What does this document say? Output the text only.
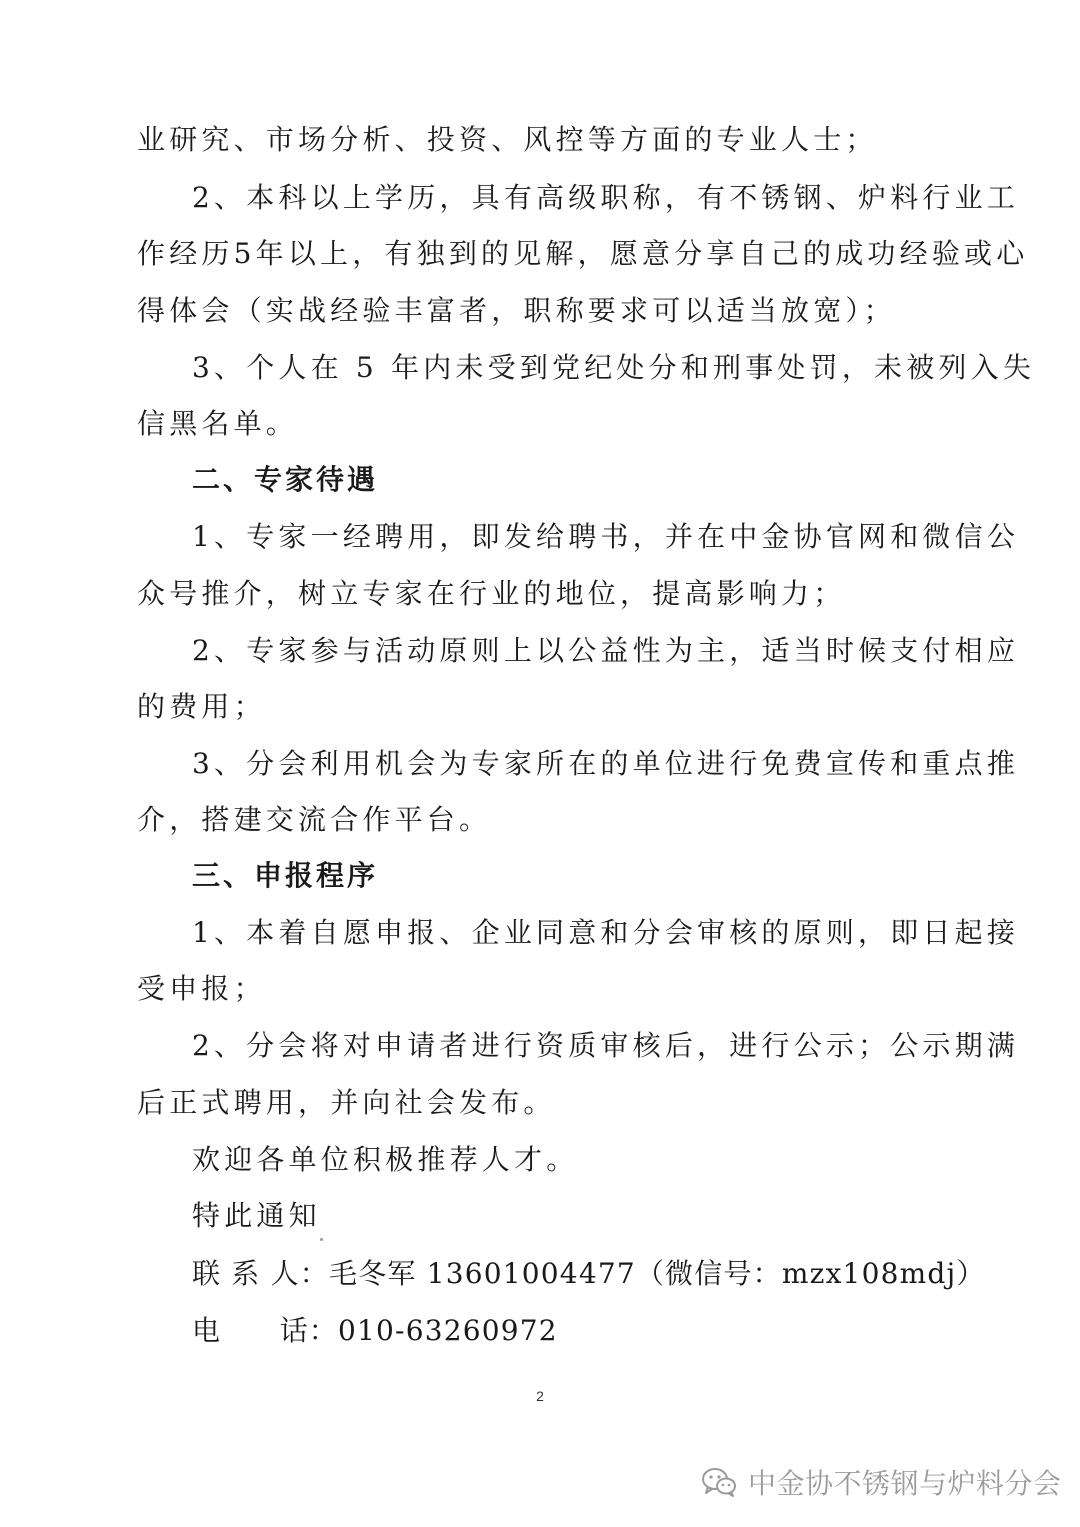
业研究、市场分析、投资、风控等方面的专业人士；
2、本科以上学历，具有高级职称，有不锈钢、炉料行业工
作经历5年以上，有独到的见解，愿意分享自己的成功经验或心
得体会（实战经验丰富者，职称要求可以适当放宽）；
3、个人在 5 年内未受到党纪处分和刑事处罚，未被列入失
信黑名单。
二、专家待遇
1、专家一经聘用，即发给聘书，并在中金协官网和微信公
众号推介，树立专家在行业的地位，提高影响力；
2、专家参与活动原则上以公益性为主，适当时候支付相应
的费用；
3、分会利用机会为专家所在的单位进行免费宣传和重点推
介，搭建交流合作平台。
三、申报程序
1、本着自愿申报、企业同意和分会审核的原则，即日起接
受申报；
2、分会将对申请者进行资质审核后，进行公示；公示期满
后正式聘用，并向社会发布。
欢迎各单位积极推荐人才。
特此通知
联 系 人：毛冬军 13601004477（微信号：mzx108mdj）
电　　话：010-63260972
2
中金协不锈钢与炉料分会
